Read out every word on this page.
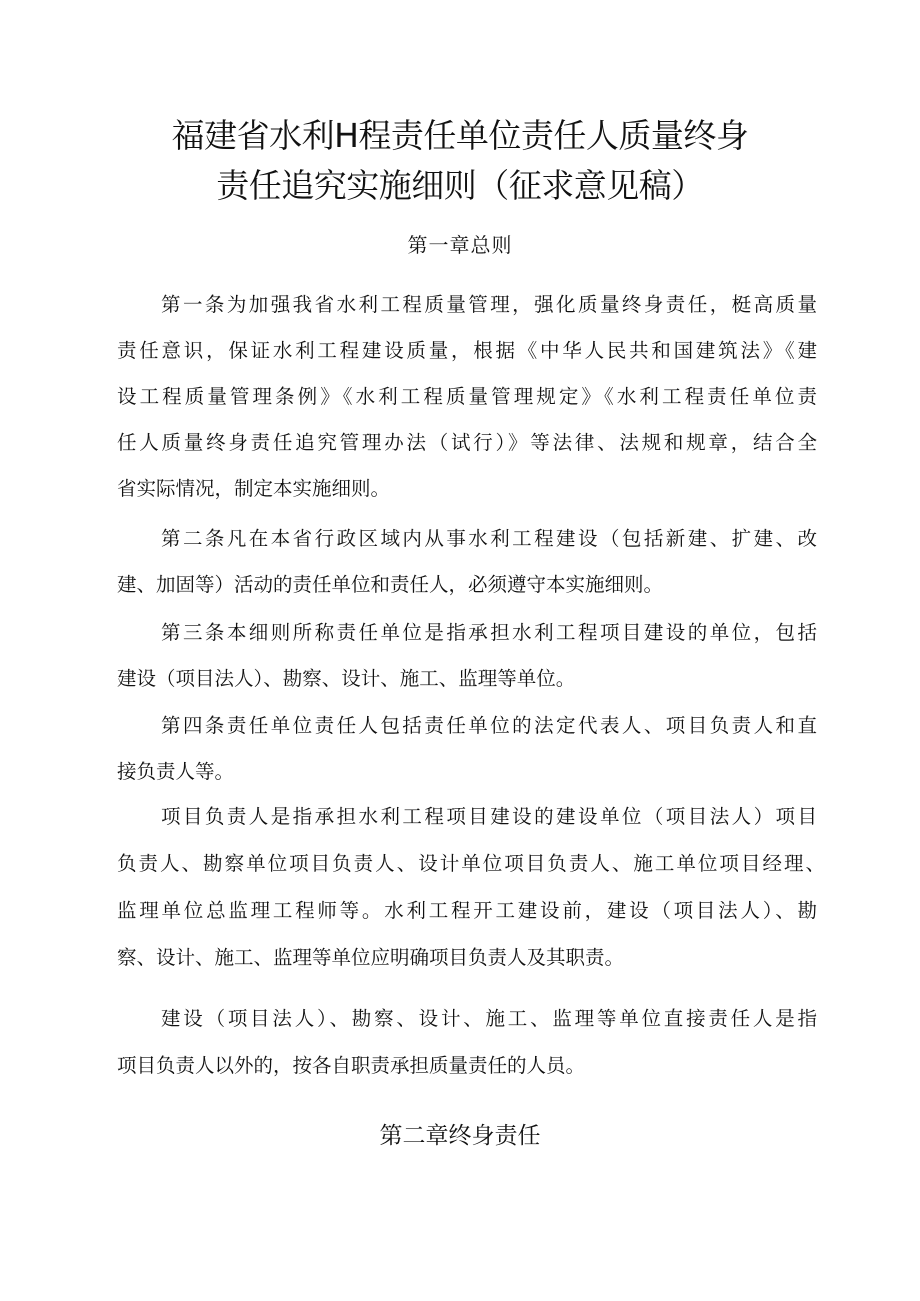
福建省水利H程责任单位责任人质量终身
责任追究实施细则（征求意见稿）
第一章总则
第一条为加强我省水利工程质量管理，强化质量终身责任，梃高质量
责任意识，保证水利工程建设质量，根据《中华人民共和国建筑法》《建
设工程质量管理条例》《水利工程质量管理规定》《水利工程责任单位责
任人质量终身责任追究管理办法（试行）》等法律、法规和规章，结合全
省实际情况，制定本实施细则。
第二条凡在本省行政区域内从事水利工程建设（包括新建、扩建、改
建、加固等）活动的责任单位和责任人，必须遵守本实施细则。
第三条本细则所称责任单位是指承担水利工程项目建设的单位，包括
建设（项目法人）、勘察、设计、施工、监理等单位。
第四条责任单位责任人包括责任单位的法定代表人、项目负责人和直
接负责人等。
项目负责人是指承担水利工程项目建设的建设单位（项目法人）项目
负责人、勘察单位项目负责人、设计单位项目负责人、施工单位项目经理、
监理单位总监理工程师等。水利工程开工建设前，建设（项目法人）、勘
察、设计、施工、监理等单位应明确项目负责人及其职责。
建设（项目法人）、勘察、设计、施工、监理等单位直接责任人是指
项目负责人以外的，按各自职责承担质量责任的人员。
第二章终身责任
